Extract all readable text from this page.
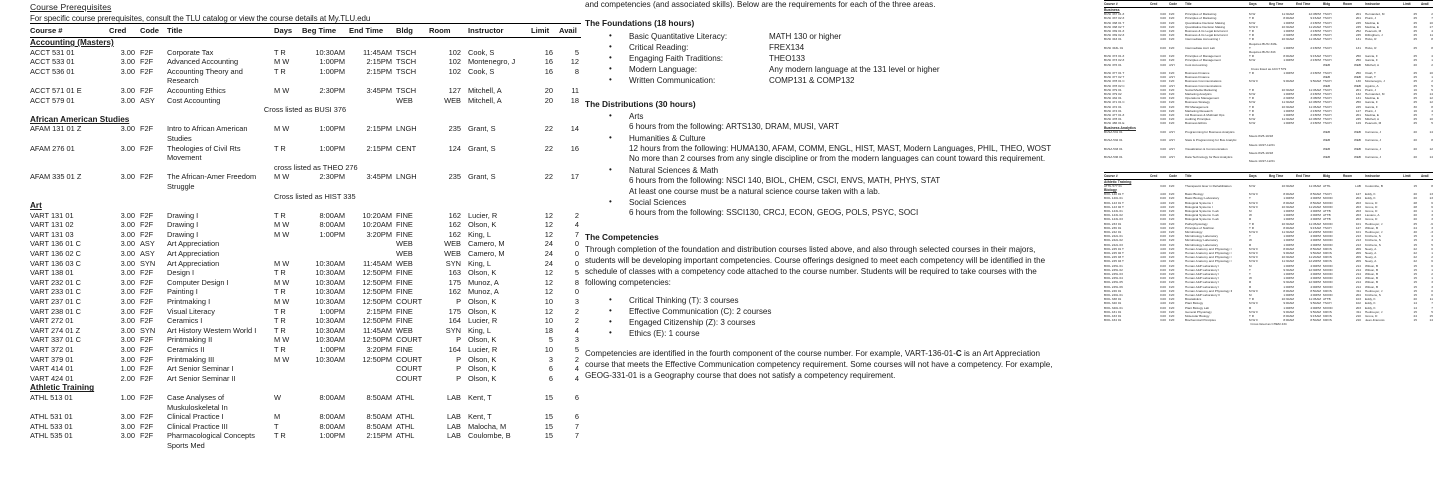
Course Prerequisites
For specific course prerequisites, consult the TLU catalog or view the course details at My.TLU.edu
Course #	Cred	Code	Title	Days	Beg Time	End Time	Bldg	Room	Instructor	Limit	Avail
Accounting (Masters)											
ACCT 531 01	3.00	F2F	Corporate Tax	T R	10:30AM	11:45AM	TSCH	102	Cook, S	16	5
ACCT 533 01	3.00	F2F	Advanced Accounting	M W	1:00PM	2:15PM	TSCH	102	Montenegro, J	16	12
ACCT 536 01	3.00	F2F	Accounting Theory and Research	T R	1:00PM	2:15PM	TSCH	102	Cook, S	16	8
ACCT 571 01 E	3.00	F2F	Accounting Ethics	M W	2:30PM	3:45PM	TSCH	127	Mitchell, A	20	11
ACCT 579 01	3.00	ASY	Cost Accounting				WEB	WEB	Mitchell, A	20	18
Cross listed as BUSI 376											
African American Studies											
AFAM 131 01 Z	3.00	F2F	Intro to African American Studies	M W	1:00PM	2:15PM	LNGH	235	Grant, S	22	14
AFAM 276 01	3.00	F2F	Theologies of Civil Rts Movement	T R	1:00PM	2:15PM	CENT	124	Grant, S	22	16
				cross listed as THEO 276							
AFAM 335 01 Z	3.00	F2F	The African-Amer Freedom Struggle	M W	2:30PM	3:45PM	LNGH	235	Grant, S	22	17
				Cross listed as HIST 335							
Art											
VART 131 01	3.00	F2F	Drawing I	T R	8:00AM	10:20AM	FINE	162	Lucier, R	12	2
VART 131 02	3.00	F2F	Drawing I	M W	8:00AM	10:20AM	FINE	162	Olson, K	12	4
VART 131 03	3.00	F2F	Drawing I	M W	1:00PM	3:20PM	FINE	162	King, L	12	7
VART 136 01 C	3.00	ASY	Art Appreciation				WEB	WEB	Camero, M	24	0
VART 136 02 C	3.00	ASY	Art Appreciation				WEB	WEB	Camero, M	24	0
VART 136 03 C	3.00	SYN	Art Appreciation	M W	10:30AM	11:45AM	WEB	SYN	King, L	24	0
VART 138 01	3.00	F2F	Design I	T R	10:30AM	12:50PM	FINE	163	Olson, K	12	5
VART 232 01 C	3.00	F2F	Computer Design I	M W	10:30AM	12:50PM	FINE	175	Munoz, A	12	8
VART 233 01 C	3.00	F2F	Painting I	T R	10:30AM	12:50PM	FINE	162	Munoz, A	12	0
VART 237 01 C	3.00	F2F	Printmaking I	M W	10:30AM	12:50PM	COURT	P	Olson, K	10	3
VART 238 01 C	3.00	F2F	Visual Literacy	T R	1:00PM	2:15PM	FINE	175	Olson, K	12	2
VART 272 01	3.00	F2F	Ceramics I	T R	10:30AM	12:50PM	FINE	164	Lucier, R	10	2
VART 274 01 Z	3.00	SYN	Art History Western World I	T R	10:30AM	11:45AM	WEB	SYN	King, L	18	4
VART 337 01 C	3.00	F2F	Printmaking II	M W	10:30AM	12:50PM	COURT	P	Olson, K	5	3
VART 372 01	3.00	F2F	Ceramics II	T R	1:00PM	3:20PM	FINE	164	Lucier, R	10	5
VART 379 01	3.00	F2F	Printmaking III	M W	10:30AM	12:50PM	COURT	P	Olson, K	3	2
VART 414 01	1.00	F2F	Art Senior Seminar I				COURT	P	Olson, K	6	4
VART 424 01	2.00	F2F	Art Senior Seminar II				COURT	P	Olson, K	6	4
Athletic Training											
ATHL 513 01	1.00	F2F	Case Analyses of Muskuloskeletal In	W	8:00AM	8:50AM	ATHL	LAB	Kent, T	15	6
ATHL 531 01	3.00	F2F	Clinical Practice I	M	8:00AM	8:50AM	ATHL	LAB	Kent, T	15	6
ATHL 533 01	3.00	F2F	Clinical Practice III	T	8:00AM	8:50AM	ATHL	LAB	Malocha, M	15	7
ATHL 535 01	3.00	F2F	Pharmacological Concepts Sports Med	T R	1:00PM	2:15PM	ATHL	LAB	Coulombe, B	15	7

and competencies (and associated skills). Below are the requirements for each of the three areas.

The Foundations (18 hours)
• Basic Quantitative Literacy:	MATH 130 or higher
• Critical Reading:	FREX134
• Engaging Faith Traditions:	THEO133
• Modern Language:	Any modern language at the 131 level or higher
• Written Communication:	COMP131 & COMP132
The Distributions (30 hours)
• Arts
6 hours from the following: ARTS130, DRAM, MUSI, VART
• Humanities & Culture
12 hours from the following: HUMA130, AFAM, COMM, ENGL, HIST, MAST, Modern Languages, PHIL, THEO, WOST
No more than 2 courses from any single discipline or from the modern languages can count toward this requirement.
• Natural Sciences & Math
6 hours from the following: NSCI 140, BIOL, CHEM, CSCI, ENVS, MATH, PHYS, STAT
At least one course must be a natural science course taken with a lab.
• Social Sciences
6 hours from the following: SSCI130, CRCJ, ECON, GEOG, POLS, PSYC, SOCI
The Competencies

Through completion of the foundation and distribution courses listed above, and also through selected courses in their majors, students will be developing important competencies. Course offerings designed to meet each competency will be identified in the schedule of classes with a competency code attached to the course number. Students will be required to take courses with the following competencies:

• Critical Thinking (T): 3 courses
• Effective Communication (C): 2 courses
• Engaged Citizenship (Z): 3 courses
• Ethics (E): 1 course

Competencies are identified in the fourth component of the course number. For example, VART-136-01-C is an Art Appreciation course that meets the Effective Communication competency requirement. Some courses will not have a competency. For example, GEOG-331-01 is a Geography course that does not satisfy a competency requirement.

Course #	Cred	Code	Title	Days	Beg Time	End Time	Bldg	Room	Instructor	Limit	Avail
Business											
BUSI 337 01 Z	3.00	F2F	Principles of Marketing	M W	11:30AM	12:45PM	TSCH	201	Hernandez, M	25	2
BUSI 337 02 Z	3.00	F2F	Principles of Marketing	T R	8:00AM	9:15AM	TSCH	201	Plunk, J	25	7
BUSI 338 01 T	3.00	F2F	Quantitative Decision Making	M W	1:00PM	2:15PM	TSCH	245	Medina, E	25	10
BUSI 338 02 T	3.00	F2F	Quantitative Decision Making	M W F	10:30AM	11:20AM	TSCH	245	Medina, E	30	17
BUSI 339 01 Z	3.00	F2F	Business & Its Legal Environmt	T R	1:00PM	2:15PM	TSCH	252	Peacock, M	25	4
BUSI 339 02 Z	3.00	F2F	Business & Its Legal Environmt	T R	2:30PM	3:45PM	TSCH	245	Dillingham, J	25	11
BUSI 343 01	4.00	F2F	Intermediate Accounting I	T R	10:30AM	11:45AM	TSCH	131	Hicks, R	25	8
				Requires BUSI 343L							
BUSI 343L 01	0.00	F2F	Intermediate Acct Lab	T	1:00PM	2:15PM	TSCH	131	Hicks, R	25	8
				Requires BUSI 343							
BUSI 373 01 Z	3.00	F2F	Principles of Management	T R	8:00AM	9:15AM	TSCH	250	Garcia, F	25	4
BUSI 373 02 Z	3.00	F2F	Principles of Management	M W	1:00PM	2:15PM	TSCH	250	Garcia, F	25	1
BUSI 376 01	3.00	ASY	Cost Accounting				WEB	WEB	Mitchell, A	20	2
Cross listed as ACCT 579											
BUSI 377 01 T	3.00	F2F	Business Finance	T R	1:00PM	2:15PM	TSCH	250	Osah, T	25	10
BUSI 377 02 T	3.00	ASY	Business Finance				WEB	WEB	Osah, T	25	1
BUSI 378 01 C	3.00	F2F	Business Communications	M W F	9:00AM	9:50AM	TSCH	130	Montenegro, J	25	2
BUSI 378 02 C	3.00	ASY	Business Communications				WEB	WEB	Aguirre, A	25	5
BUSI 379 01	3.00	F2F	Social Media Marketing	T R	10:30AM	11:45AM	TSCH	201	Plunk, J	16	5
BUSI 379 02	3.00	F2F	Marketing Analytics	M W	1:00PM	2:15PM	TSCH	132	Hernandez, M	25	14
BUSI 432 01	3.00	F2F	Operations Management	T R	2:30PM	3:45PM	TSCH	131	Medina, E	25	12
BUSI 471 01 C	3.00	F2F	Business Strategy	M W	11:30AM	12:45PM	TSCH	250	Garcia, F	25	12
BUSI 472 01	3.00	F2F	HR Management	T R	10:30AM	11:45AM	TSCH	245	Garcia, F	30	8
BUSI 474 01	3.00	F2F	Marketing Research	T R	1:00PM	2:15PM	TSCH	127	Plunk, J	16	4
BUSI 477 01 Z	3.00	F2F	Intl Business & Multinatl Ops	T R	1:00PM	2:15PM	TSCH	201	Medina, E	25	7
BUSI 478 01	3.00	F2F	Auditing Principles	M W	11:30AM	12:45PM	TSCH	245	Mitchell, A	25	10
BUSI 486 01 E	3.00	F2F	Business Ethics	M W	1:00PM	2:15PM	TSCH	129	Peacock, M	25	5
Business Analytics											
BUSA 531 01	3.00	ASY	Programming for Business Analytics				WEB	WEB	Carmona, J	20	14
				Meets 8/25-10/18							
BUSA 532 01	3.00	ASY	Stats & Programming for Bus Analytic				WEB	WEB	Carmona, J	20	8
				Meets 10/27-12/21							
BUSA 533 01	3.00	ASY	Visualization & Communication				WEB	WEB	Carmona, J	20	12
				Meets 8/25-10/18							
BUSA 536 01	3.00	ASY	Data Technology for Busi Analytics				WEB	WEB	Carmona, J	20	14
				Meets 10/27-12/21							
Course #	Cred	Code	Title	Days	Beg Time	End Time	Bldg	Room	Instructor	Limit	Avail
Athletic Training											
ATHL 577 01	3.00	F2F	Therapeutic Exer in Rehabilitation	M W	10:30AM	11:45AM	ATHL	LAB	Coulombe, B	15	8
Biology											
BIOL 140 01 T	4.00	F2F	Basic Biology	M W F	8:00AM	8:50AM	TSCH	127	Eddy, K	20	13
BIOL 140L 01	0.00	F2F	Basic Biology Laboratory	T	1:00PM	4:00PM	MOOD	204	Eddy, K	20	13
BIOL 143 01 T	4.00	F2F	Biological Systems I	M W F	8:00AM	8:50AM	MOOD	203	Grove, D	28	6
BIOL 143 02 T	4.00	F2F	Biological Systems I	M W F	10:30AM	11:20AM	MOOD	203	Grove, D	28	6
BIOL 143L 01	0.00	F2F	Biological Systems I Lab	M	1:00PM	4:00PM	ATTB	203	Grove, D	20	1
BIOL 143L 02	0.00	F2F	Biological Systems I Lab	W	1:00PM	4:00PM	ATTB	203	Lievano, A	20	3
BIOL 143L 03	0.00	F2F	Biological Systems I Lab	R	1:00PM	4:00PM	ATTB	203	Grove, D	20	3
BIOL 233 01	3.00	F2F	Pathophysiology	T R	10:30AM	11:45AM	MOOD	101	Hedmeyer, J	25	-6
BIOL 236 01	3.00	F2F	Principles of Nutrition	T R	8:00AM	9:15AM	TSCH	127	Wilson, B	24	3
BIOL 242 01	4.00	F2F	Microbiology	M W F	11:30AM	12:20PM	MOOD	101	Hedmeyer, J	40	-3
BIOL 242L 01	0.00	F2F	Microbiology Laboratory	T	1:00PM	4:00PM	MOOD	213	Kirchens, S	15	4
BIOL 242L 02	0.00	F2F	Microbiology Laboratory	W	1:00PM	4:00PM	MOOD	213	Kirchens, S	15	3
BIOL 242L 03	0.00	F2F	Microbiology Laboratory	R	1:00PM	4:00PM	MOOD	213	Kirchens, S	15	5
BIOL 245 01 T	4.00	F2F	Human Anatomy and Physiology I	M W F	8:00AM	8:50AM	KROS	209	Neely, A	22	0
BIOL 245 02 T	4.00	F2F	Human Anatomy and Physiology I	M W F	9:00AM	9:50AM	KROS	209	Neely, A	22	1
BIOL 245 03 T	4.00	F2F	Human Anatomy and Physiology I	M W F	10:30AM	11:20AM	KROS	209	Neely, A	22	2
BIOL 245 04 T	4.00	F2F	Human Anatomy and Physiology I	M W F	11:30AM	12:20PM	KROS	209	Neely, A	22	6
BIOL 245L 01	0.00	F2F	Human A&P Laboratory I	M	1:00PM	4:00PM	MOOD	214	Wilson, B	15	0
BIOL 245L 02	0.00	F2F	Human A&P Laboratory I	T	9:30AM	12:30PM	MOOD	214	Wilson, B	15	1
BIOL 245L 03	0.00	F2F	Human A&P Laboratory I	T	1:00PM	4:00PM	MOOD	214	Wilson, B	15	2
BIOL 245L 04	0.00	F2F	Human A&P Laboratory I	W	1:00PM	4:00PM	MOOD	214	Wilson, B	15	1
BIOL 245L 05	0.00	F2F	Human A&P Laboratory I	R	9:30AM	12:30PM	MOOD	214	Wilson, B	15	3
BIOL 245L 06	0.00	F2F	Human A&P Laboratory I	R	1:00PM	4:00PM	MOOD	214	Wilson, B	15	3
BIOL 246 01	4.00	F2F	Human Anatomy and Physiology II	M W F	8:00AM	8:50AM	KROS	311	Hedmeyer, J	15	0
BIOL 246L 01	0.00	F2F	Human A&P Laboratory II	M	1:00PM	4:00PM	MOOD	204	Kirchens, S	15	0
BIOL 338 01	3.00	F2F	Biostatistics	T R	10:30AM	11:45AM	ATTB	103	Eddy, K	20	11
BIOL 340 01	4.00	F2F	Plant Biology	M W F	9:00AM	9:50AM	TSCH	102	Eddy, K	14	7
BIOL 340L 01	0.00	F2F	Plant Biology Lab	R	1:00PM	4:00PM	MOOD	203	Eddy, K	14	7
BIOL 431 01	3.00	F2F	General Physiology	M W F	9:00AM	9:50AM	KROS	311	Hedmeyer, J	15	5
BIOL 433 01	3.00	F2F	Molecular Biology	T R	8:00AM	9:15AM	KROS	210	Grove, D	24	15
BIOL 434 01	3.00	F2F	Biochemical Principles	M W F	8:00AM	8:50AM	KROS	210	Jean-Francois	15	14
Cross listed as CHEM 434											
